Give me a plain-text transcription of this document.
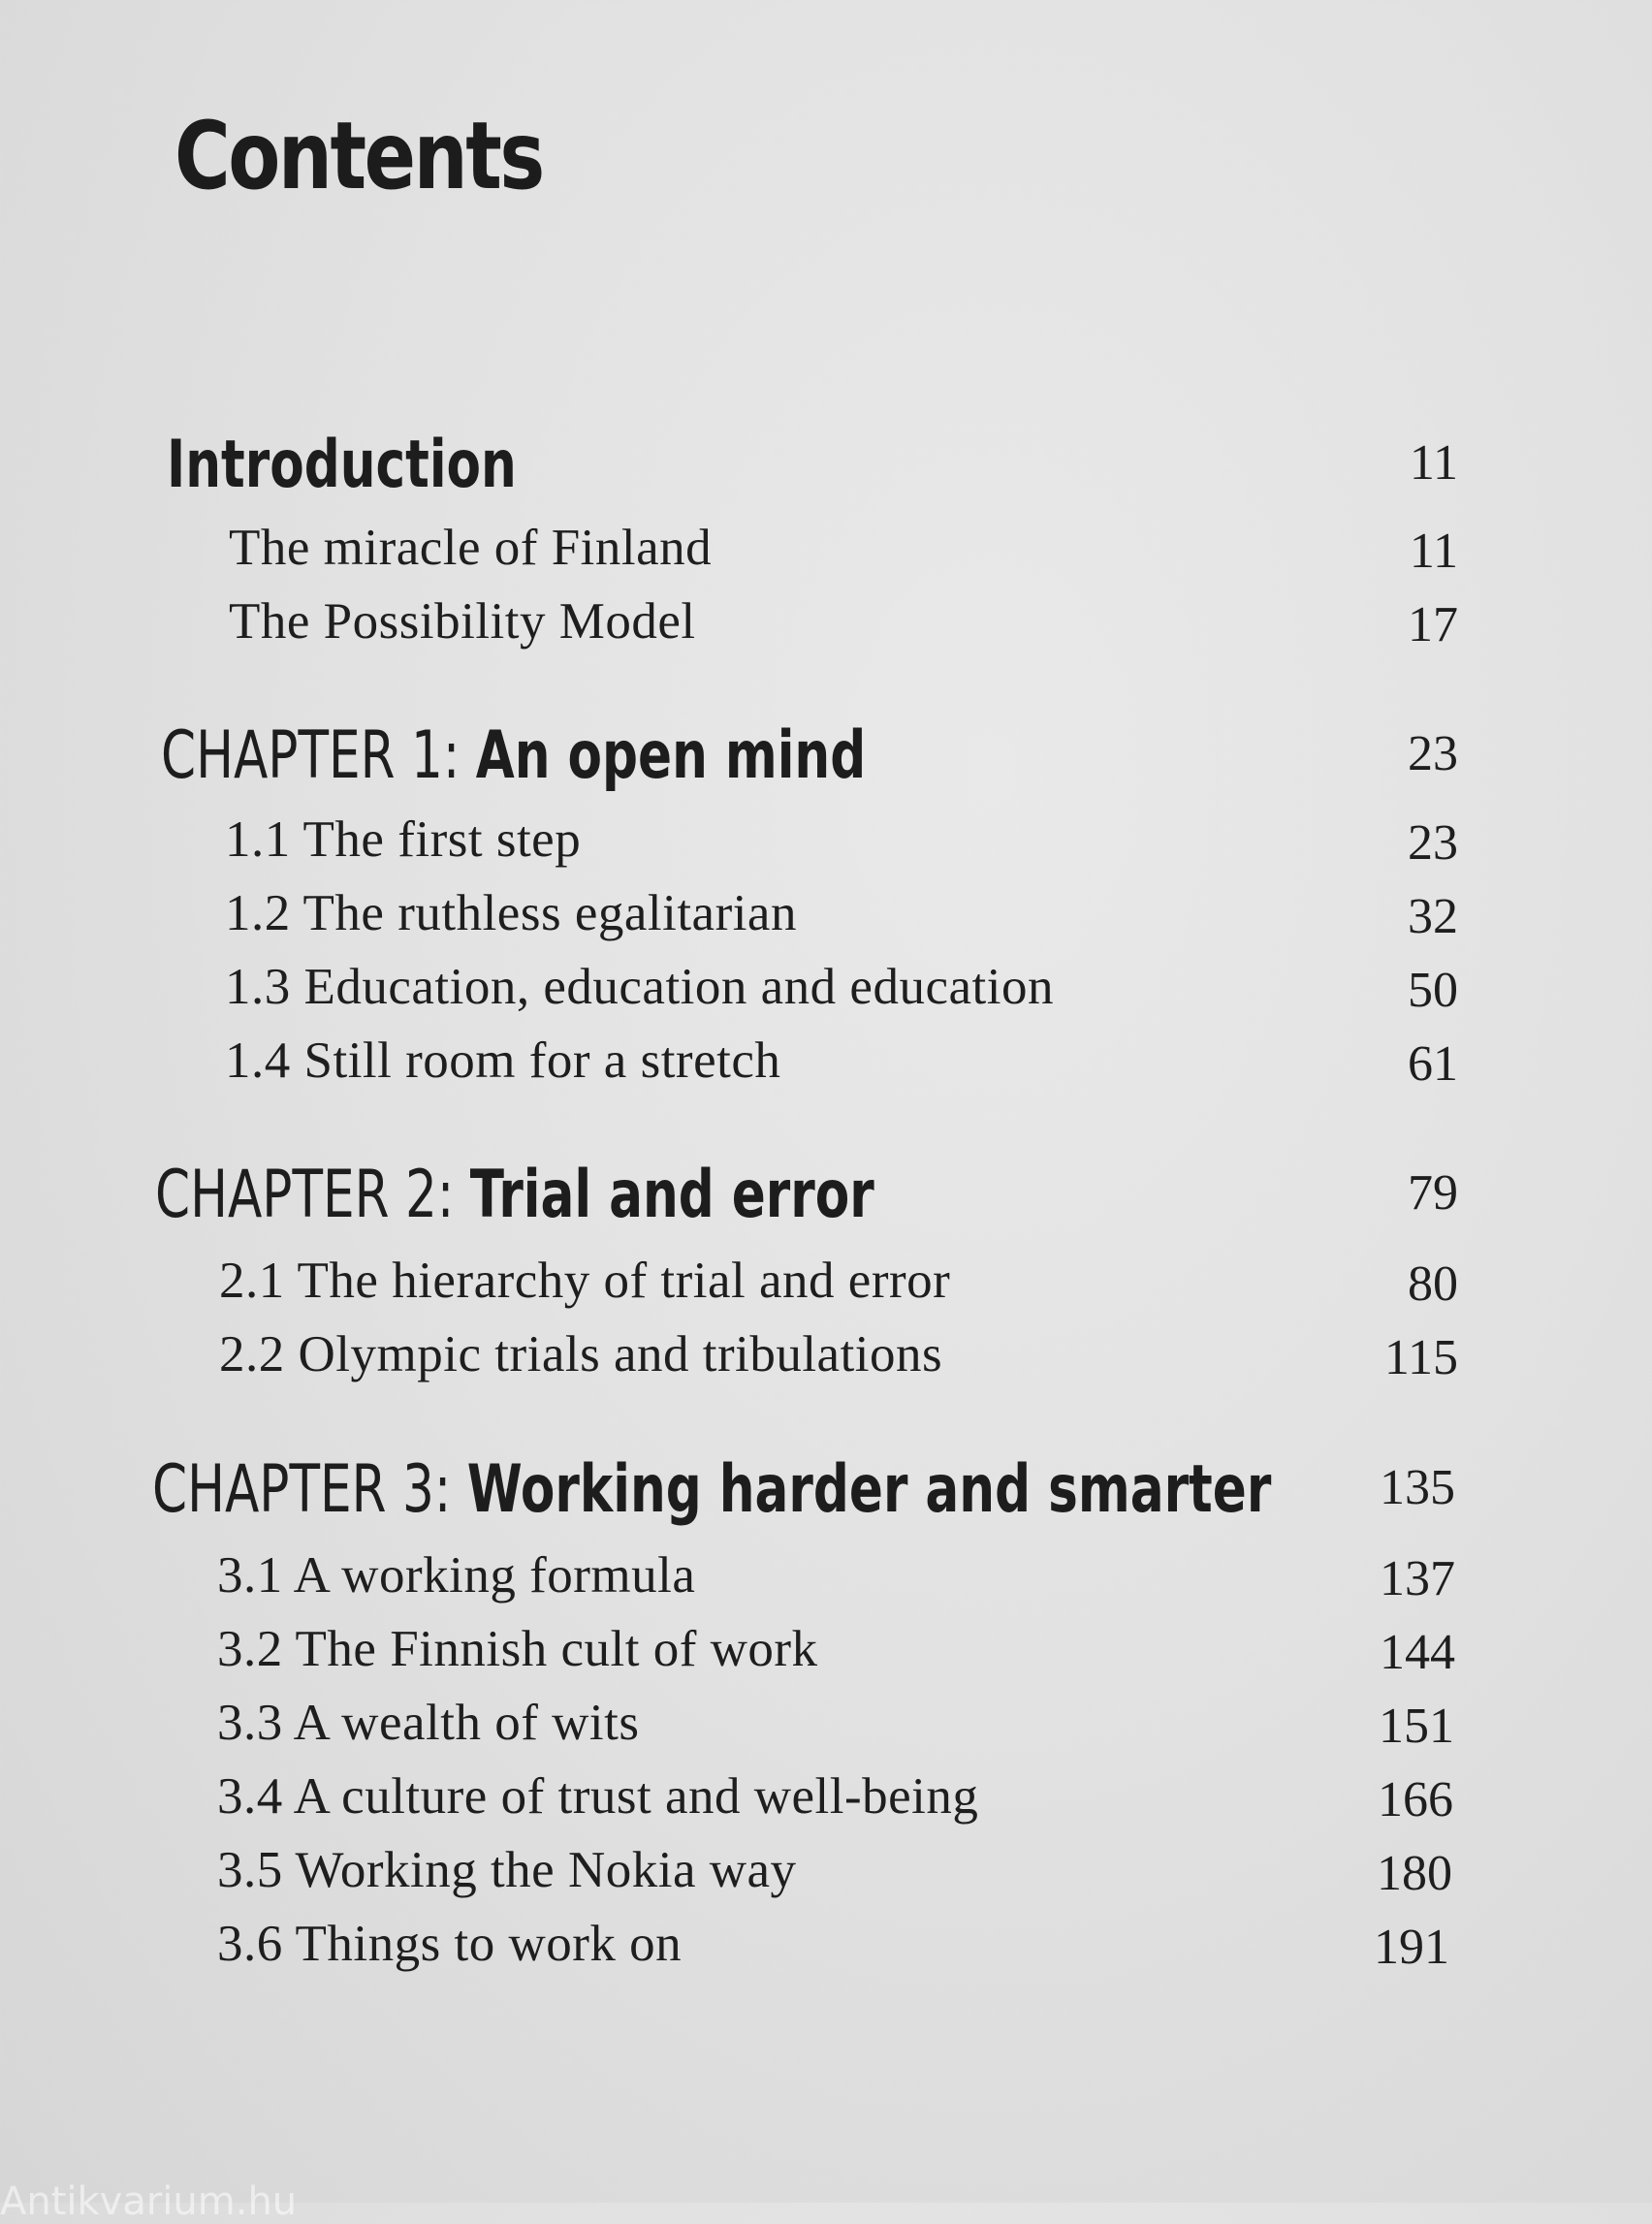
Contents
Introduction	11
The miracle of Finland	11
The Possibility Model	17
CHAPTER 1: An open mind	23
1.1 The first step	23
1.2 The ruthless egalitarian	32
1.3 Education, education and education	50
1.4 Still room for a stretch	61
CHAPTER 2: Trial and error	79
2.1 The hierarchy of trial and error	80
2.2 Olympic trials and tribulations	115
CHAPTER 3: Working harder and smarter 135
3.1 A working formula	137
3.2 The Finnish cult of work	144
3.3 A wealth of wits	151
3.4 A culture of trust and well-being	166
3.5 Working the Nokia way	180
3.6 Things to work on	191
Antikvarium.hu
